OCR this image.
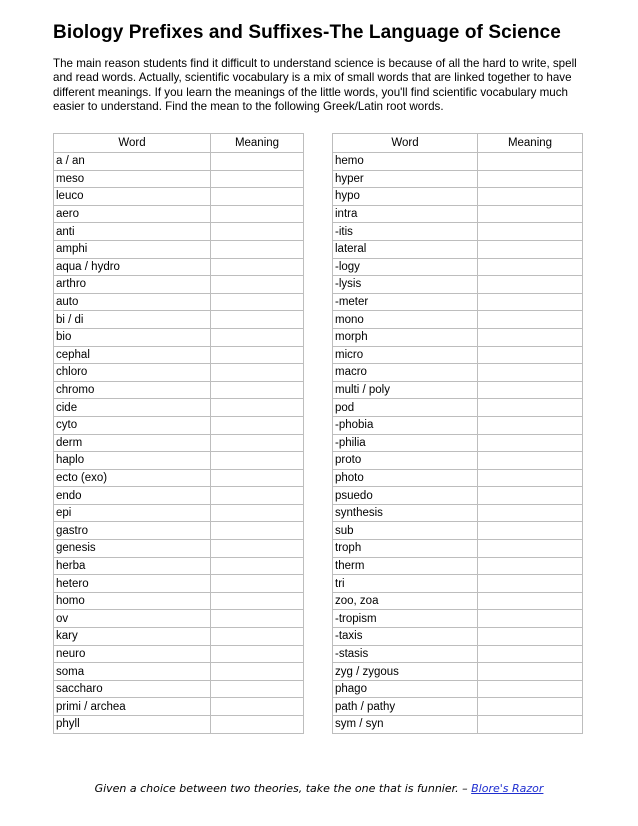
Biology Prefixes and Suffixes-The Language of Science
The main reason students find it difficult to understand science is because of all the hard to write, spell and read words. Actually, scientific vocabulary is a mix of small words that are linked together to have different meanings. If you learn the meanings of the little words, you'll find scientific vocabulary much easier to understand. Find the mean to the following Greek/Latin root words.
Word	Meaning
a / an	
meso	
leuco	
aero	
anti	
amphi	
aqua / hydro	
arthro	
auto	
bi / di	
bio	
cephal	
chloro	
chromo	
cide	
cyto	
derm	
haplo	
ecto (exo)	
endo	
epi	
gastro	
genesis	
herba	
hetero	
homo	
ov	
kary	
neuro	
soma	
saccharo	
primi / archea	
phyll	
Word	Meaning
hemo	
hyper	
hypo	
intra	
-itis	
lateral	
-logy	
-lysis	
-meter	
mono	
morph	
micro	
macro	
multi / poly	
pod	
-phobia	
-philia	
proto	
photo	
psuedo	
synthesis	
sub	
troph	
therm	
tri	
zoo, zoa	
-tropism	
-taxis	
-stasis	
zyg / zygous	
phago	
path / pathy	
sym / syn	
Given a choice between two theories, take the one that is funnier. – Blore's Razor
